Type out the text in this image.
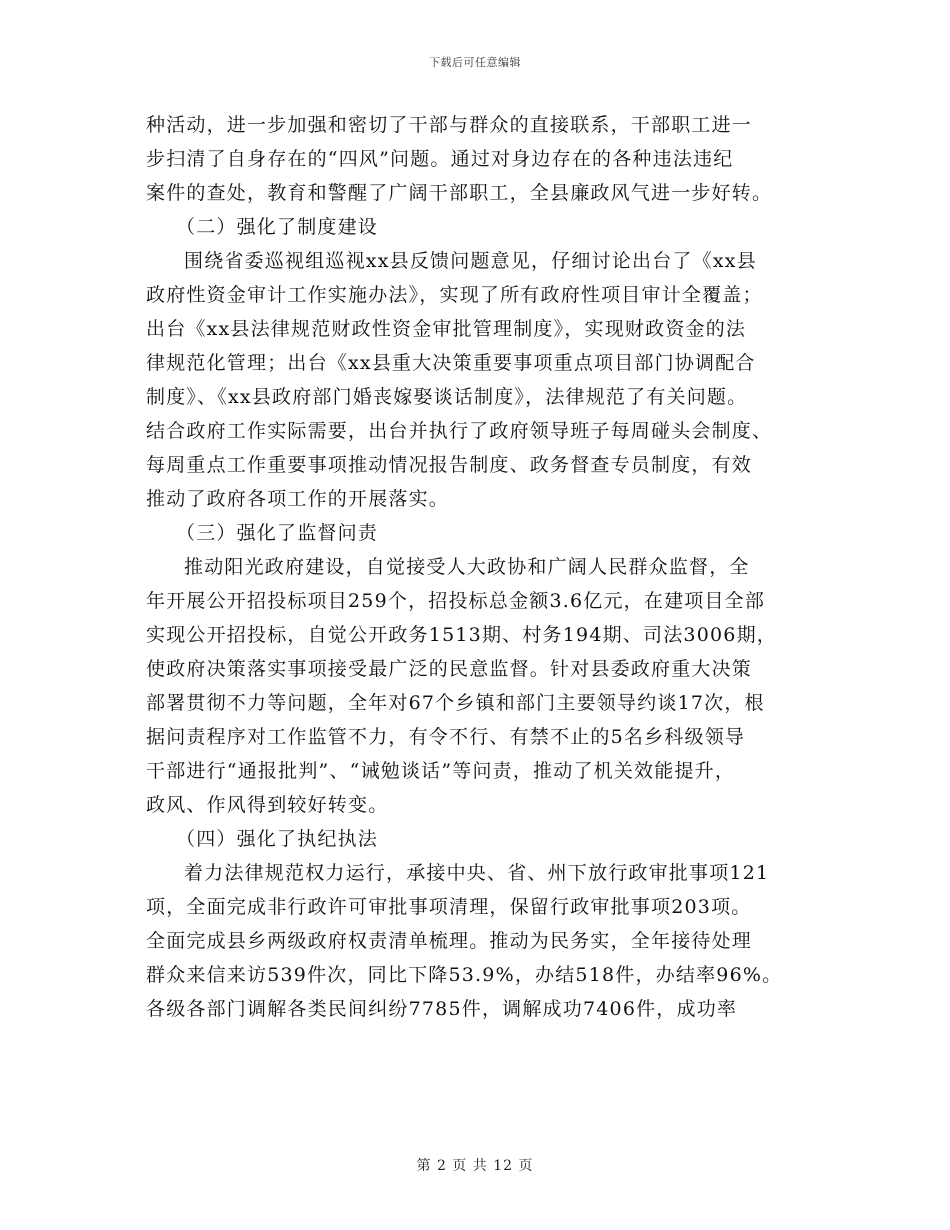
下载后可任意编辑
种活动，进一步加强和密切了干部与群众的直接联系，干部职工进一
步扫清了自身存在的“四风”问题。通过对身边存在的各种违法违纪
案件的查处，教育和警醒了广阔干部职工，全县廉政风气进一步好转。
（二）强化了制度建设
围绕省委巡视组巡视xx县反馈问题意见，仔细讨论出台了《xx县
政府性资金审计工作实施办法》，实现了所有政府性项目审计全覆盖；
出台《xx县法律规范财政性资金审批管理制度》，实现财政资金的法
律规范化管理；出台《xx县重大决策重要事项重点项目部门协调配合
制度》、《xx县政府部门婚丧嫁娶谈话制度》，法律规范了有关问题。
结合政府工作实际需要，出台并执行了政府领导班子每周碰头会制度、
每周重点工作重要事项推动情况报告制度、政务督查专员制度，有效
推动了政府各项工作的开展落实。
（三）强化了监督问责
推动阳光政府建设，自觉接受人大政协和广阔人民群众监督，全
年开展公开招投标项目259个，招投标总金额3.6亿元，在建项目全部
实现公开招投标，自觉公开政务1513期、村务194期、司法3006期，
使政府决策落实事项接受最广泛的民意监督。针对县委政府重大决策
部署贯彻不力等问题，全年对67个乡镇和部门主要领导约谈17次，根
据问责程序对工作监管不力，有令不行、有禁不止的5名乡科级领导
干部进行“通报批判”、“诫勉谈话”等问责，推动了机关效能提升，
政风、作风得到较好转变。
（四）强化了执纪执法
着力法律规范权力运行，承接中央、省、州下放行政审批事项121
项，全面完成非行政许可审批事项清理，保留行政审批事项203项。
全面完成县乡两级政府权责清单梳理。推动为民务实，全年接待处理
群众来信来访539件次，同比下降53.9%，办结518件，办结率96%。
各级各部门调解各类民间纠纷7785件，调解成功7406件，成功率
第 2 页 共 12 页
